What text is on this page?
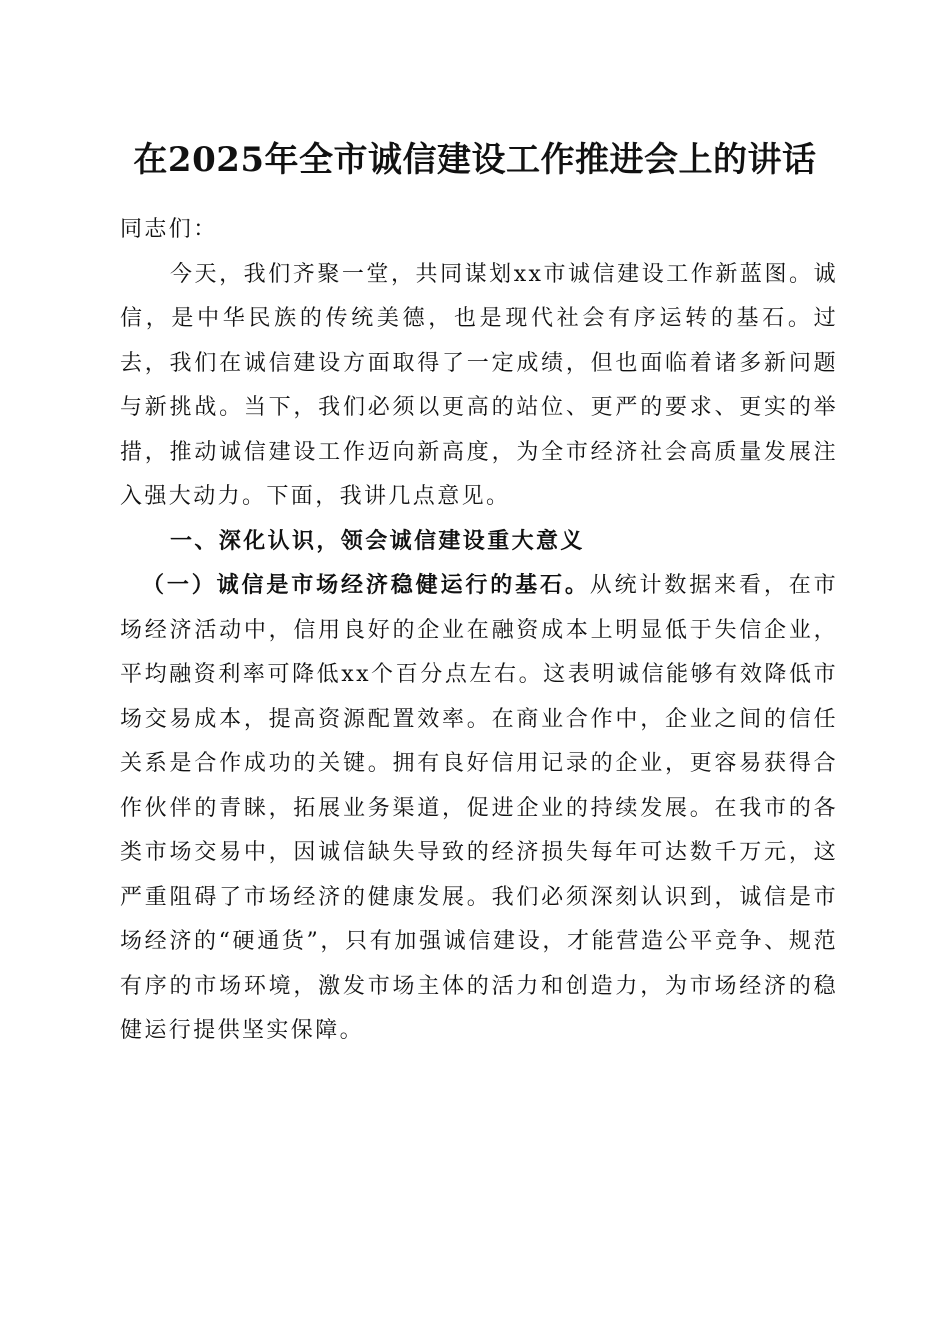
在2025年全市诚信建设工作推进会上的讲话

同志们：

今天，我们齐聚一堂，共同谋划xx市诚信建设工作新蓝图。诚信，是中华民族的传统美德，也是现代社会有序运转的基石。过去，我们在诚信建设方面取得了一定成绩，但也面临着诸多新问题与新挑战。当下，我们必须以更高的站位、更严的要求、更实的举措，推动诚信建设工作迈向新高度，为全市经济社会高质量发展注入强大动力。下面，我讲几点意见。

一、深化认识，领会诚信建设重大意义

（一）诚信是市场经济稳健运行的基石。从统计数据来看，在市场经济活动中，信用良好的企业在融资成本上明显低于失信企业，平均融资利率可降低xx个百分点左右。这表明诚信能够有效降低市场交易成本，提高资源配置效率。在商业合作中，企业之间的信任关系是合作成功的关键。拥有良好信用记录的企业，更容易获得合作伙伴的青睐，拓展业务渠道，促进企业的持续发展。在我市的各类市场交易中，因诚信缺失导致的经济损失每年可达数千万元，这严重阻碍了市场经济的健康发展。我们必须深刻认识到，诚信是市场经济的“硬通货”，只有加强诚信建设，才能营造公平竞争、规范有序的市场环境，激发市场主体的活力和创造力，为市场经济的稳健运行提供坚实保障。
